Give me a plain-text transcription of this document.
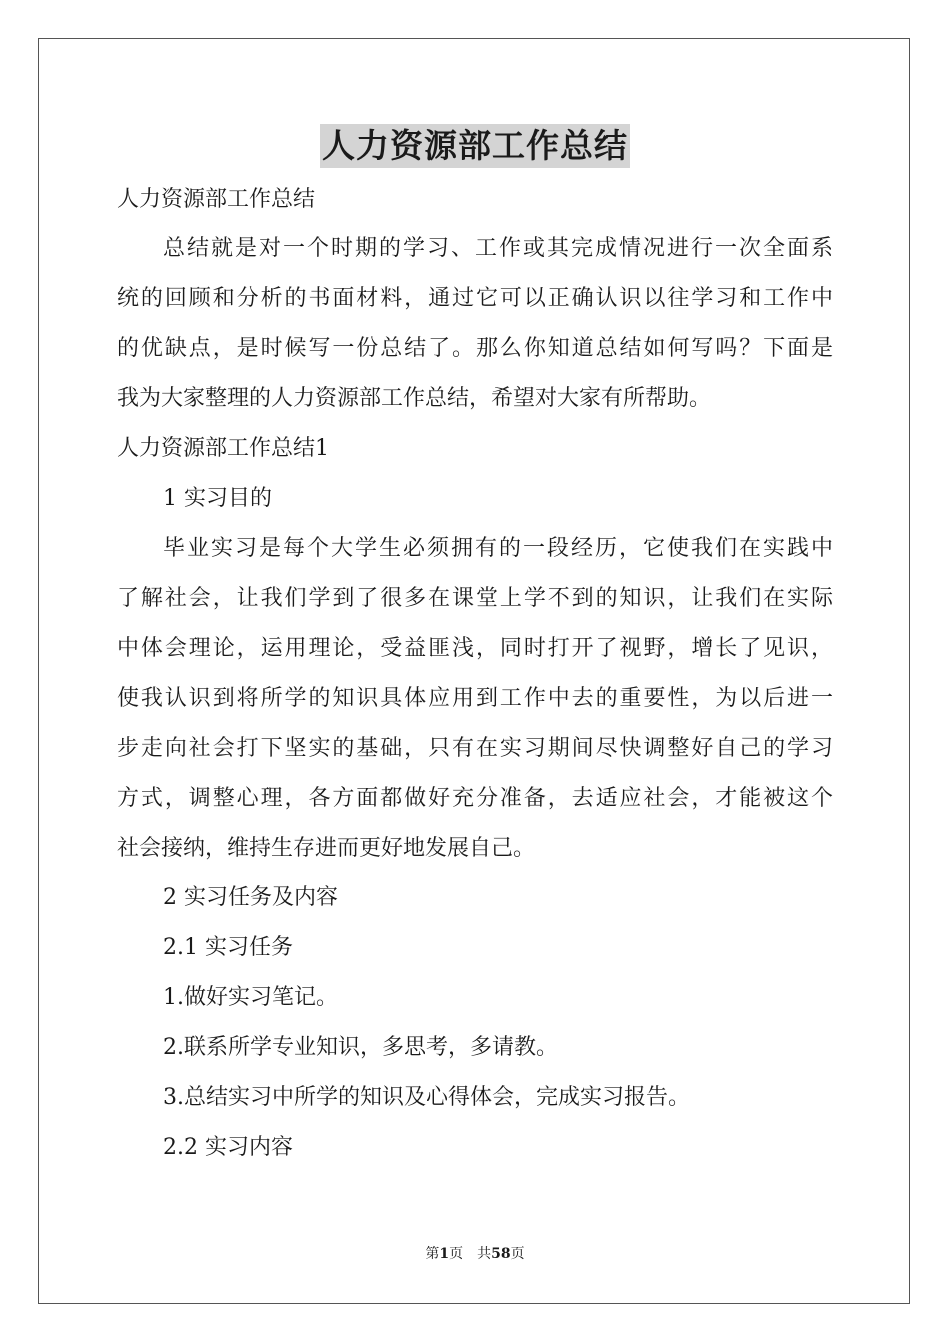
人力资源部工作总结
人力资源部工作总结
总结就是对一个时期的学习、工作或其完成情况进行一次全面系
统的回顾和分析的书面材料，通过它可以正确认识以往学习和工作中
的优缺点，是时候写一份总结了。那么你知道总结如何写吗？下面是
我为大家整理的人力资源部工作总结，希望对大家有所帮助。
人力资源部工作总结1
1 实习目的
毕业实习是每个大学生必须拥有的一段经历，它使我们在实践中
了解社会，让我们学到了很多在课堂上学不到的知识，让我们在实际
中体会理论，运用理论，受益匪浅，同时打开了视野，增长了见识，
使我认识到将所学的知识具体应用到工作中去的重要性，为以后进一
步走向社会打下坚实的基础，只有在实习期间尽快调整好自己的学习
方式，调整心理，各方面都做好充分准备，去适应社会，才能被这个
社会接纳，维持生存进而更好地发展自己。
2 实习任务及内容
2.1 实习任务
1.做好实习笔记。
2.联系所学专业知识，多思考，多请教。
3.总结实习中所学的知识及心得体会，完成实习报告。
2.2 实习内容
第1页　共58页
